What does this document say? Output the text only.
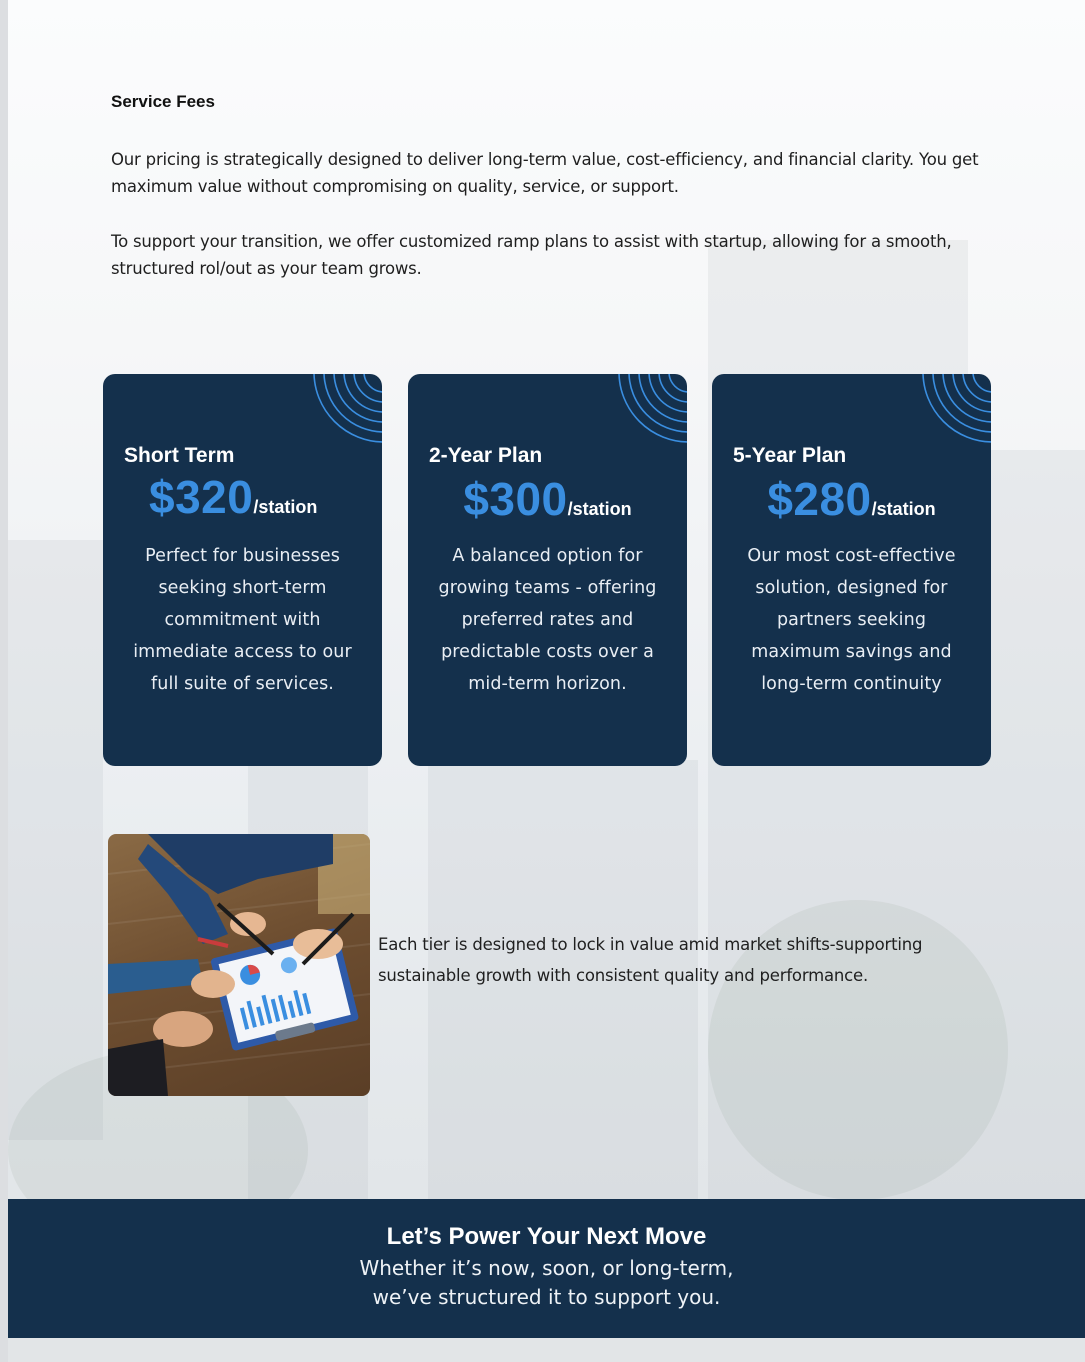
Service Fees

Our pricing is strategically designed to deliver long-term value, cost-efficiency, and financial clarity. You get maximum value without compromising on quality, service, or support.

To support your transition, we offer customized ramp plans to assist with startup, allowing for a smooth, structured rol/out as your team grows.

Short Term
$320/station

Perfect for businesses seeking short-term commitment with immediate access to our full suite of services.

2-Year Plan
$300/station

A balanced option for growing teams - offering preferred rates and predictable costs over a mid-term horizon.

5-Year Plan
$280/station

Our most cost-effective solution, designed for partners seeking maximum savings and long-term continuity

Each tier is designed to lock in value amid market shifts-supporting sustainable growth with consistent quality and performance.

Let’s Power Your Next Move
Whether it’s now, soon, or long-term,
we’ve structured it to support you.
